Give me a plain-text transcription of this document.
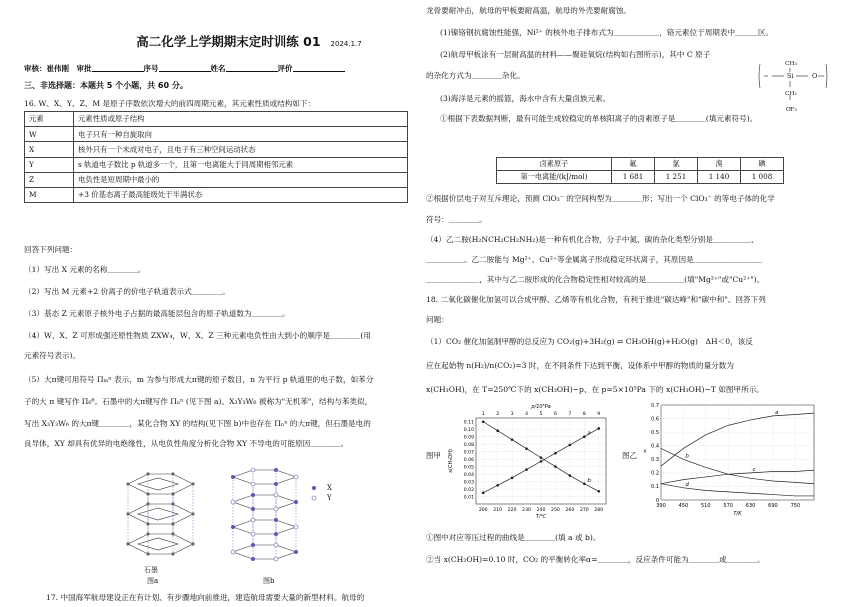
高二化学上学期期末定时训练 01 2024.1.7
审核：崔伟刚　 审批	序号	姓名	评价
三、非选择题：本题共 5 个小题，共 60 分。
16. W、X、Y、Z、M 是原子序数依次增大的前四周期元素，其元素性质或结构如下：
元素	元素性质或原子结构
W	电子只有一种自旋取向
X	核外只有一个未成对电子，且电子有三种空间运动状态
Y	s 轨道电子数比 p 轨道多一个，且第一电离能大于同周期相邻元素
Z	电负性是短周期中最小的
M	+3 价基态离子最高能级处于半满状态
回答下列问题：
（1）写出 X 元素的名称＿＿＿＿。
（2）写出 M 元素+2 价离子的价电子轨道表示式＿＿＿＿。
（3）基态 Z 元素原子核外电子占据的最高能层包含的原子轨道数为＿＿＿＿。
（4）W、X、Z 可形成强还原性物质 ZXW₄，W、X、Z 三种元素电负性由大到小的顺序是＿＿＿＿(用
元素符号表示)。
（5）大π键可用符号 Πₘⁿ 表示，m 为参与形成大π键的原子数目，n 为平行 p 轨道里的电子数，如苯分
子的大 π 键写作 Π₆⁶。石墨中的大π键写作 Πₙⁿ (见下图 a)。X₃Y₃W₆ 被称为"无机苯"，结构与苯类似，
写出 X₃Y₃W₆ 的大π键＿＿＿＿，某化合物 XY 的结构(见下图 b)中也存在 Πₙⁿ 的大π键，但石墨是电的
良导体，XY 却具有优异的电绝缘性，从电负性角度分析化合物 XY 不导电的可能原因＿＿＿＿。
X
Y
石墨
图a	图b
17. 中国海军航母建设正在有计划、有步骤地向前推进，建造航母需要大量的新型材料。航母的
龙骨要耐冲击，航母的甲板要耐高温，航母的外壳要耐腐蚀。
(1)镍铬钢抗腐蚀性能强，Ni²⁺ 的核外电子排布式为＿＿＿＿＿＿，铬元素位于周期表中＿＿＿区。
(2)航母甲板涂有一层耐高温的材料——聚硅氧烷(结构如右图所示)，其中 C 原子
的杂化方式为＿＿＿＿杂化。
(3)海洋是元素的摇篮，海水中含有大量卤族元素。
①根据下表数据判断，最有可能生成较稳定的单核阳离子的卤素原子是＿＿＿＿(填元素符号)。
CH₃
Si	O
CH₂
CF₃
卤素原子	氟	氯	溴	碘
第一电离能/(kJ/mol)	1 681	1 251	1 140	1 008
②根据价层电子对互斥理论，预测 ClO₃⁻ 的空间构型为＿＿＿＿形；写出一个 ClO₃⁻ 的等电子体的化学
符号：＿＿＿＿。
（4）乙二胺(H₂NCH₂CH₂NH₂)是一种有机化合物，分子中氮、碳的杂化类型分别是＿＿＿＿＿、
＿＿＿＿＿。乙二胺能与 Mg²⁺、Cu²⁺等金属离子形成稳定环状离子，其原因是＿＿＿＿＿＿＿＿＿
＿＿＿＿＿＿＿，其中与乙二胺形成的化合物稳定性相对较高的是＿＿＿＿＿(填"Mg²⁺"或"Cu²⁺")。
18. 二氧化碳催化加氢可以合成甲醇、乙烯等有机化合物，有利于推进"碳达峰"和"碳中和"。回答下列
问题：
（1）CO₂ 催化加氢制甲醇的总反应为 CO₂(g)+3H₂(g) ⇌ CH₃OH(g)+H₂O(g)　ΔH＜0，该反
应在起始物 n(H₂)/n(CO₂)=3 时，在不同条件下达到平衡，设体系中甲醇的物质的量分数为
x(CH₃OH)，在 T=250℃下的 x(CH₃OH)~p、在 p=5×10⁵Pa 下的 x(CH₃OH)~T 如图甲所示。
图甲	图乙
0.01
0.02
0.03
0.04
0.05
0.06
0.07
0.08
0.09
0.10
0.11
200 210 220 230 240 250 260 270 280
1	2	3	4	5	6	7	8	9
p/10⁵Pa
T/℃
x(CH₃OH)
a
b
0
0.1
0.2
0.3
0.4
0.5
0.6
0.7
390	450	510	570	630	690	750
T/K
x
a
b
c
d
①图中对应等压过程的曲线是＿＿＿＿(填 a 或 b)。
②当 x(CH₃OH)=0.10 时，CO₂ 的平衡转化率α=＿＿＿＿，反应条件可能为＿＿＿＿或＿＿＿＿。
